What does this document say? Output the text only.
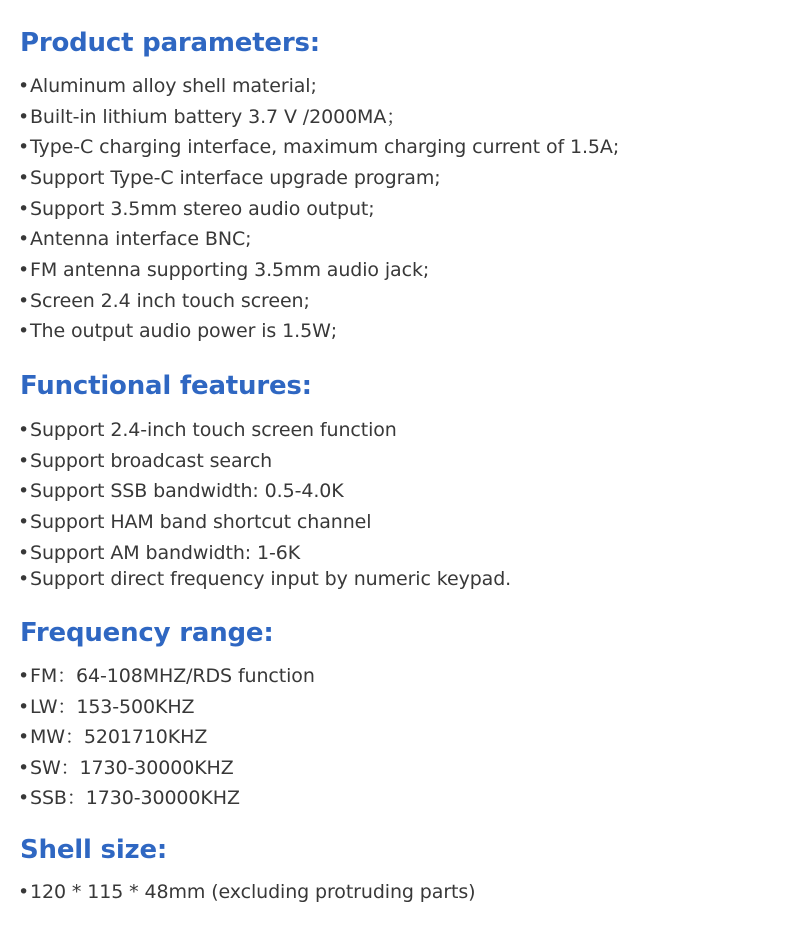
Product parameters:
•Aluminum alloy shell material;
•Built-in lithium battery 3.7 V /2000MA；
•Type-C charging interface, maximum charging current of 1.5A;
•Support Type-C interface upgrade program;
•Support 3.5mm stereo audio output;
•Antenna interface BNC;
•FM antenna supporting 3.5mm audio jack;
•Screen 2.4 inch touch screen;
•The output audio power is 1.5W;
Functional features:
•Support 2.4-inch touch screen function
•Support broadcast search
•Support SSB bandwidth: 0.5-4.0K
•Support HAM band shortcut channel
•Support AM bandwidth: 1-6K
•Support direct frequency input by numeric keypad.
Frequency range:
•FM：64-108MHZ/RDS function
•LW：153-500KHZ
•MW：5201710KHZ
•SW：1730-30000KHZ
•SSB：1730-30000KHZ
Shell size:
•120 * 115 * 48mm (excluding protruding parts)
